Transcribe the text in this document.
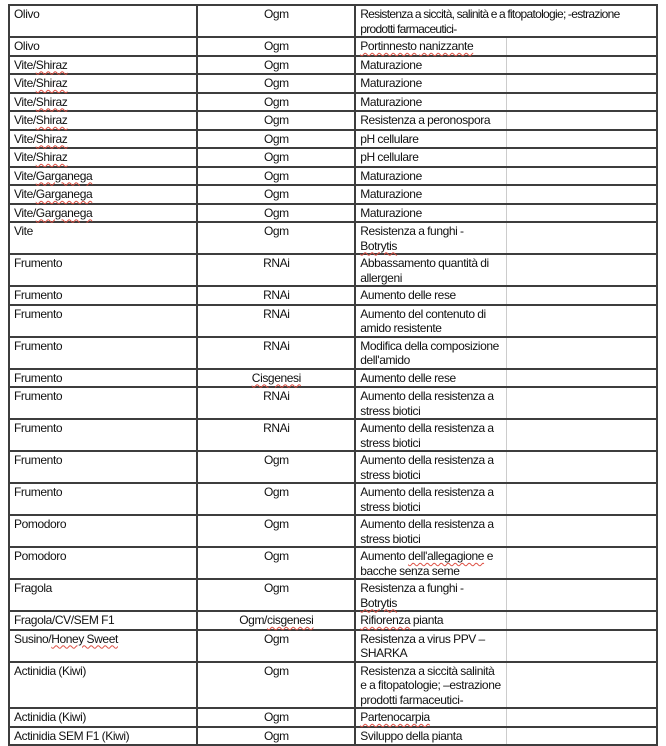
Olivo	Ogm	Resistenza a siccità, salinità e a fitopatologie; -estrazione prodotti farmaceutici-	
Olivo	Ogm	Portinnesto nanizzante	
Vite/Shiraz	Ogm	Maturazione	
Vite/Shiraz	Ogm	Maturazione	
Vite/Shiraz	Ogm	Maturazione	
Vite/Shiraz	Ogm	Resistenza a peronospora	
Vite/Shiraz	Ogm	pH cellulare	
Vite/Shiraz	Ogm	pH cellulare	
Vite/Garganega	Ogm	Maturazione	
Vite/Garganega	Ogm	Maturazione	
Vite/Garganega	Ogm	Maturazione	
Vite	Ogm	Resistenza a funghi - Botrytis	
Frumento	RNAi	Abbassamento quantità di allergeni	
Frumento	RNAi	Aumento delle rese	
Frumento	RNAi	Aumento del contenuto di amido resistente	
Frumento	RNAi	Modifica della composizione dell'amido	
Frumento	Cisgenesi	Aumento delle rese	
Frumento	RNAi	Aumento della resistenza a stress biotici	
Frumento	RNAi	Aumento della resistenza a stress biotici	
Frumento	Ogm	Aumento della resistenza a stress biotici	
Frumento	Ogm	Aumento della resistenza a stress biotici	
Pomodoro	Ogm	Aumento della resistenza a stress biotici	
Pomodoro	Ogm	Aumento dell'allegagione e bacche senza seme	
Fragola	Ogm	Resistenza a funghi - Botrytis	
Fragola/CV/SEM F1	Ogm/cisgenesi	Rifiorenza pianta	
Susino/Honey Sweet	Ogm	Resistenza a virus PPV – SHARKA	
Actinidia (Kiwi)	Ogm	Resistenza a siccità salinità e a fitopatologie; –estrazione prodotti farmaceutici-	
Actinidia (Kiwi)	Ogm	Partenocarpia	
Actinidia SEM F1 (Kiwi)	Ogm	Sviluppo della pianta	
